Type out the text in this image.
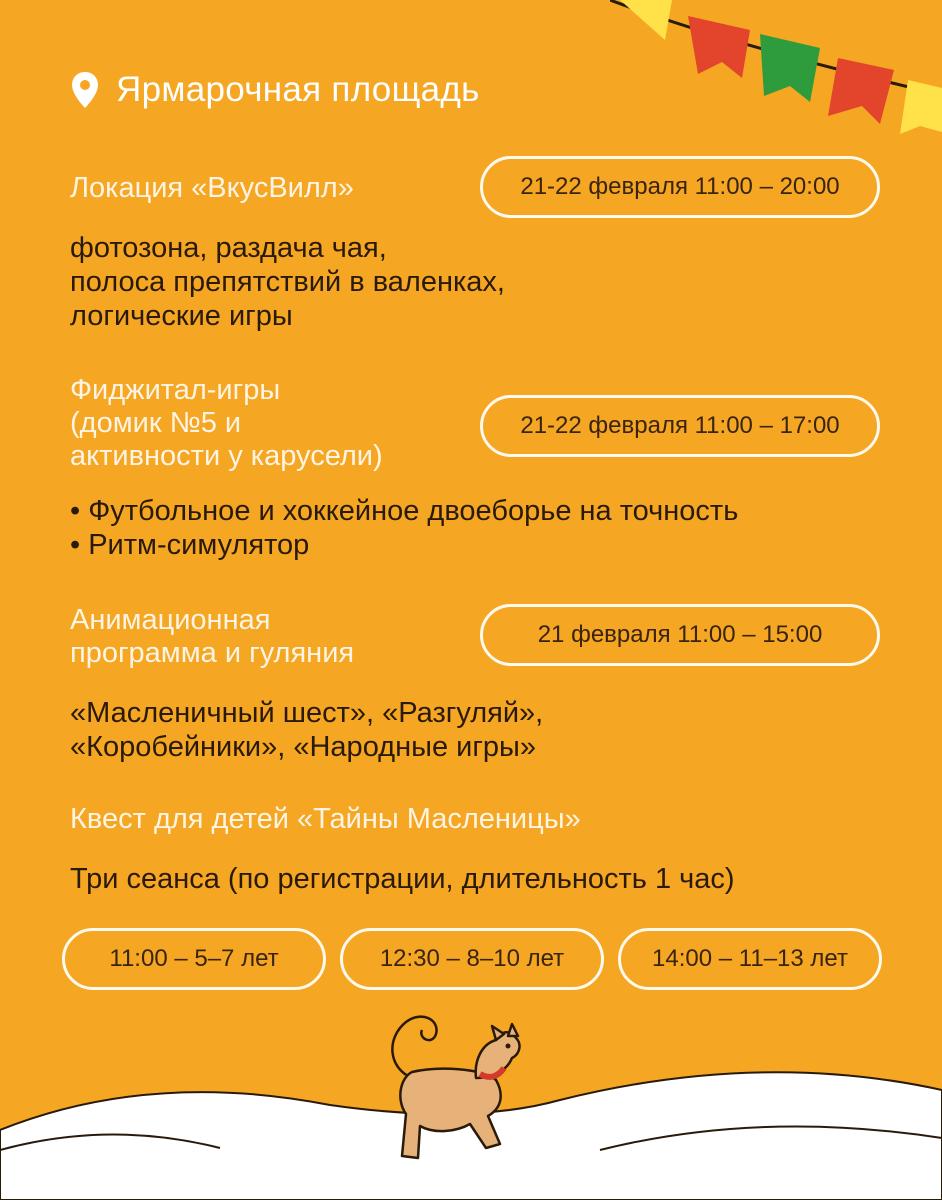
Ярмарочная площадь
Локация «ВкусВилл»	21-22 февраля 11:00 – 20:00
фотозона, раздача чая,
полоса препятствий в валенках,
логические игры
Фиджитал-игры
(домик №5 и
активности у карусели)
21-22 февраля 11:00 – 17:00
• Футбольное и хоккейное двоеборье на точность
• Ритм-симулятор
Анимационная
программа и гуляния
21 февраля 11:00 – 15:00
«Масленичный шест», «Разгуляй»,
«Коробейники», «Народные игры»
Квест для детей «Тайны Масленицы»
Три сеанса (по регистрации, длительность 1 час)
11:00 – 5–7 лет	12:30 – 8–10 лет	14:00 – 11–13 лет
